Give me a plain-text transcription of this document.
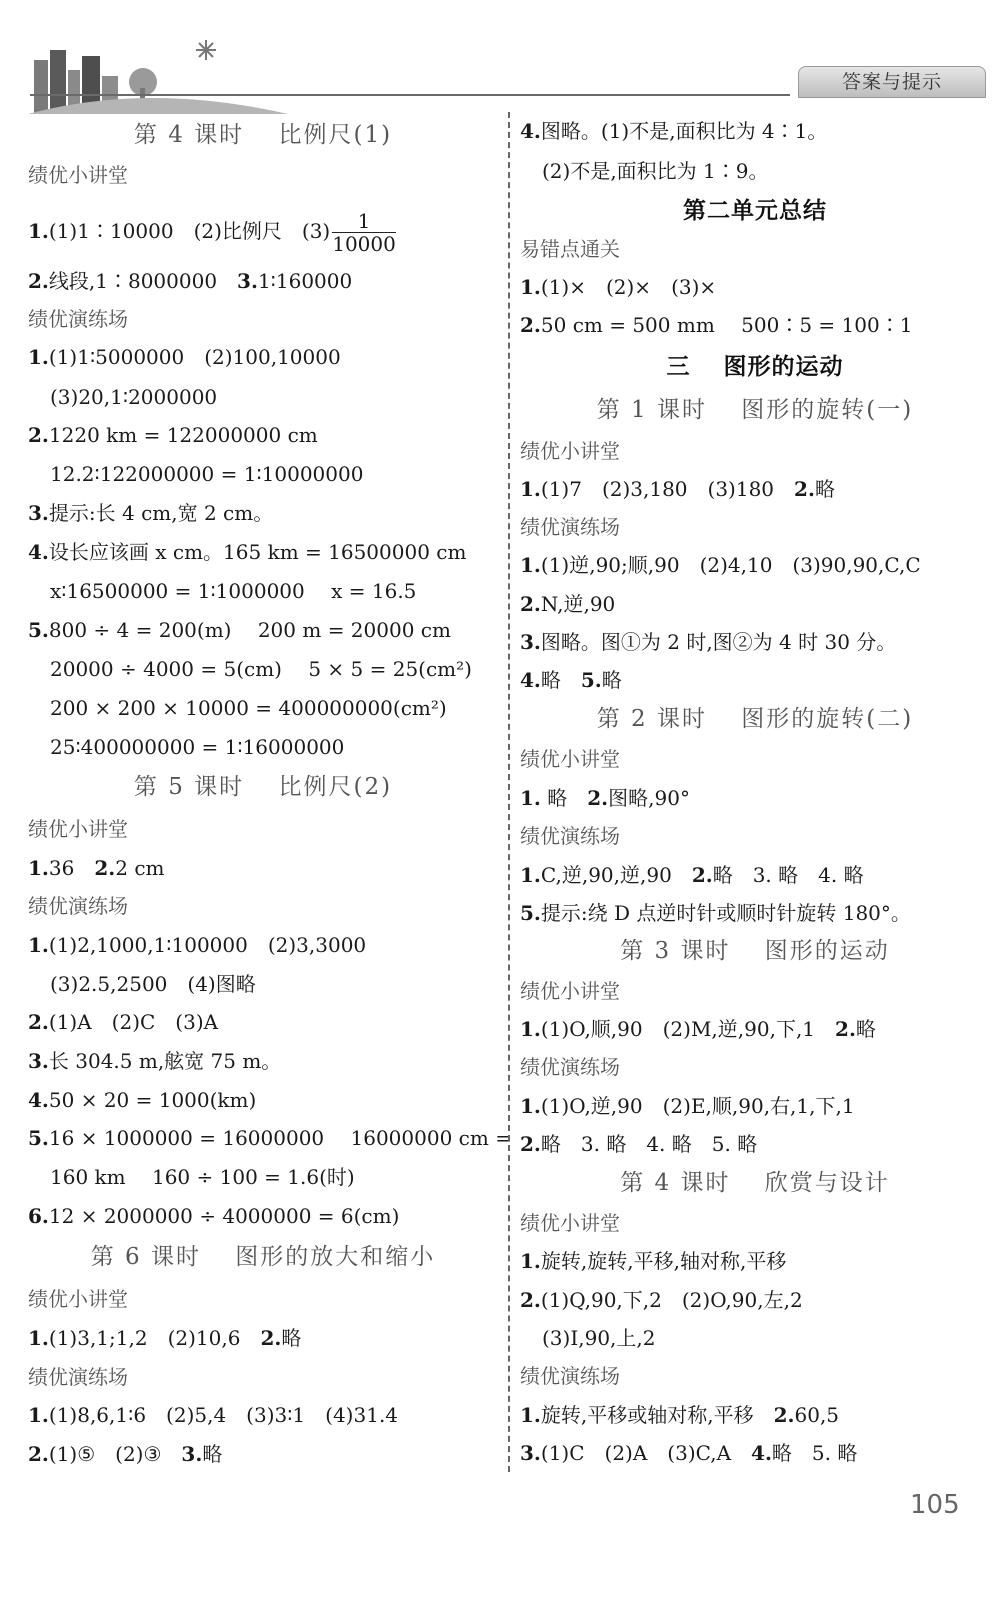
答案与提示
第 4 课时　 比例尺(1)
绩优小讲堂
1.(1)1∶10000　(2)比例尺　$(3) \frac{1}{10000}$
2.线段,1∶8000000　3.1∶160000
绩优演练场
1.(1)1∶5000000　(2)100,10000
(3)20,1∶2000000
2.1220 km = 122000000 cm
12.2∶122000000 = 1∶10000000
3.提示:长 4 cm,宽 2 cm。
4.设长应该画 x cm。165 km = 16500000 cm
x∶16500000 = 1∶1000000　 x = 16.5
5.800 ÷ 4 = 200(m)　 200 m = 20000 cm
20000 ÷ 4000 = 5(cm)　 5 × 5 = 25(cm²)
200 × 200 × 10000 = 400000000(cm²)
25∶400000000 = 1∶16000000
第 5 课时　 比例尺(2)
绩优小讲堂
1.36　2.2 cm
绩优演练场
1.(1)2,1000,1∶100000　(2)3,3000
(3)2.5,2500　(4)图略
2.(1)A　(2)C　(3)A
3.长 304.5 m,舷宽 75 m。
4.50 × 20 = 1000(km)
5.16 × 1000000 = 16000000　 16000000 cm =
160 km　 160 ÷ 100 = 1.6(时)
6.12 × 2000000 ÷ 4000000 = 6(cm)
第 6 课时　 图形的放大和缩小
绩优小讲堂
1.(1)3,1;1,2　(2)10,6　2.略
绩优演练场
1.(1)8,6,1∶6　(2)5,4　(3)3∶1　(4)31.4
2.(1)⑤　(2)③　3.略
4.图略。(1)不是,面积比为 4∶1。
(2)不是,面积比为 1∶9。
第二单元总结
易错点通关
1.(1)×　(2)×　(3)×
2.50 cm = 500 mm　 500∶5 = 100∶1
三　 图形的运动
第 1 课时　 图形的旋转(一)
绩优小讲堂
1.(1)7　(2)3,180　(3)180　2.略
绩优演练场
1.(1)逆,90;顺,90　(2)4,10　(3)90,90,C,C
2.N,逆,90
3.图略。图①为 2 时,图②为 4 时 30 分。
4.略　5.略
第 2 课时　 图形的旋转(二)
绩优小讲堂
1. 略　2.图略,90°
绩优演练场
1.C,逆,90,逆,90　2.略　3. 略　4. 略
5.提示:绕 D 点逆时针或顺时针旋转 180°。
第 3 课时　 图形的运动
绩优小讲堂
1.(1)O,顺,90　(2)M,逆,90,下,1　2.略
绩优演练场
1.(1)O,逆,90　(2)E,顺,90,右,1,下,1
2.略　3. 略　4. 略　5. 略
第 4 课时　 欣赏与设计
绩优小讲堂
1.旋转,旋转,平移,轴对称,平移
2.(1)Q,90,下,2　(2)O,90,左,2
(3)I,90,上,2
绩优演练场
1.旋转,平移或轴对称,平移　2.60,5
3.(1)C　(2)A　(3)C,A　4.略　5. 略
105
